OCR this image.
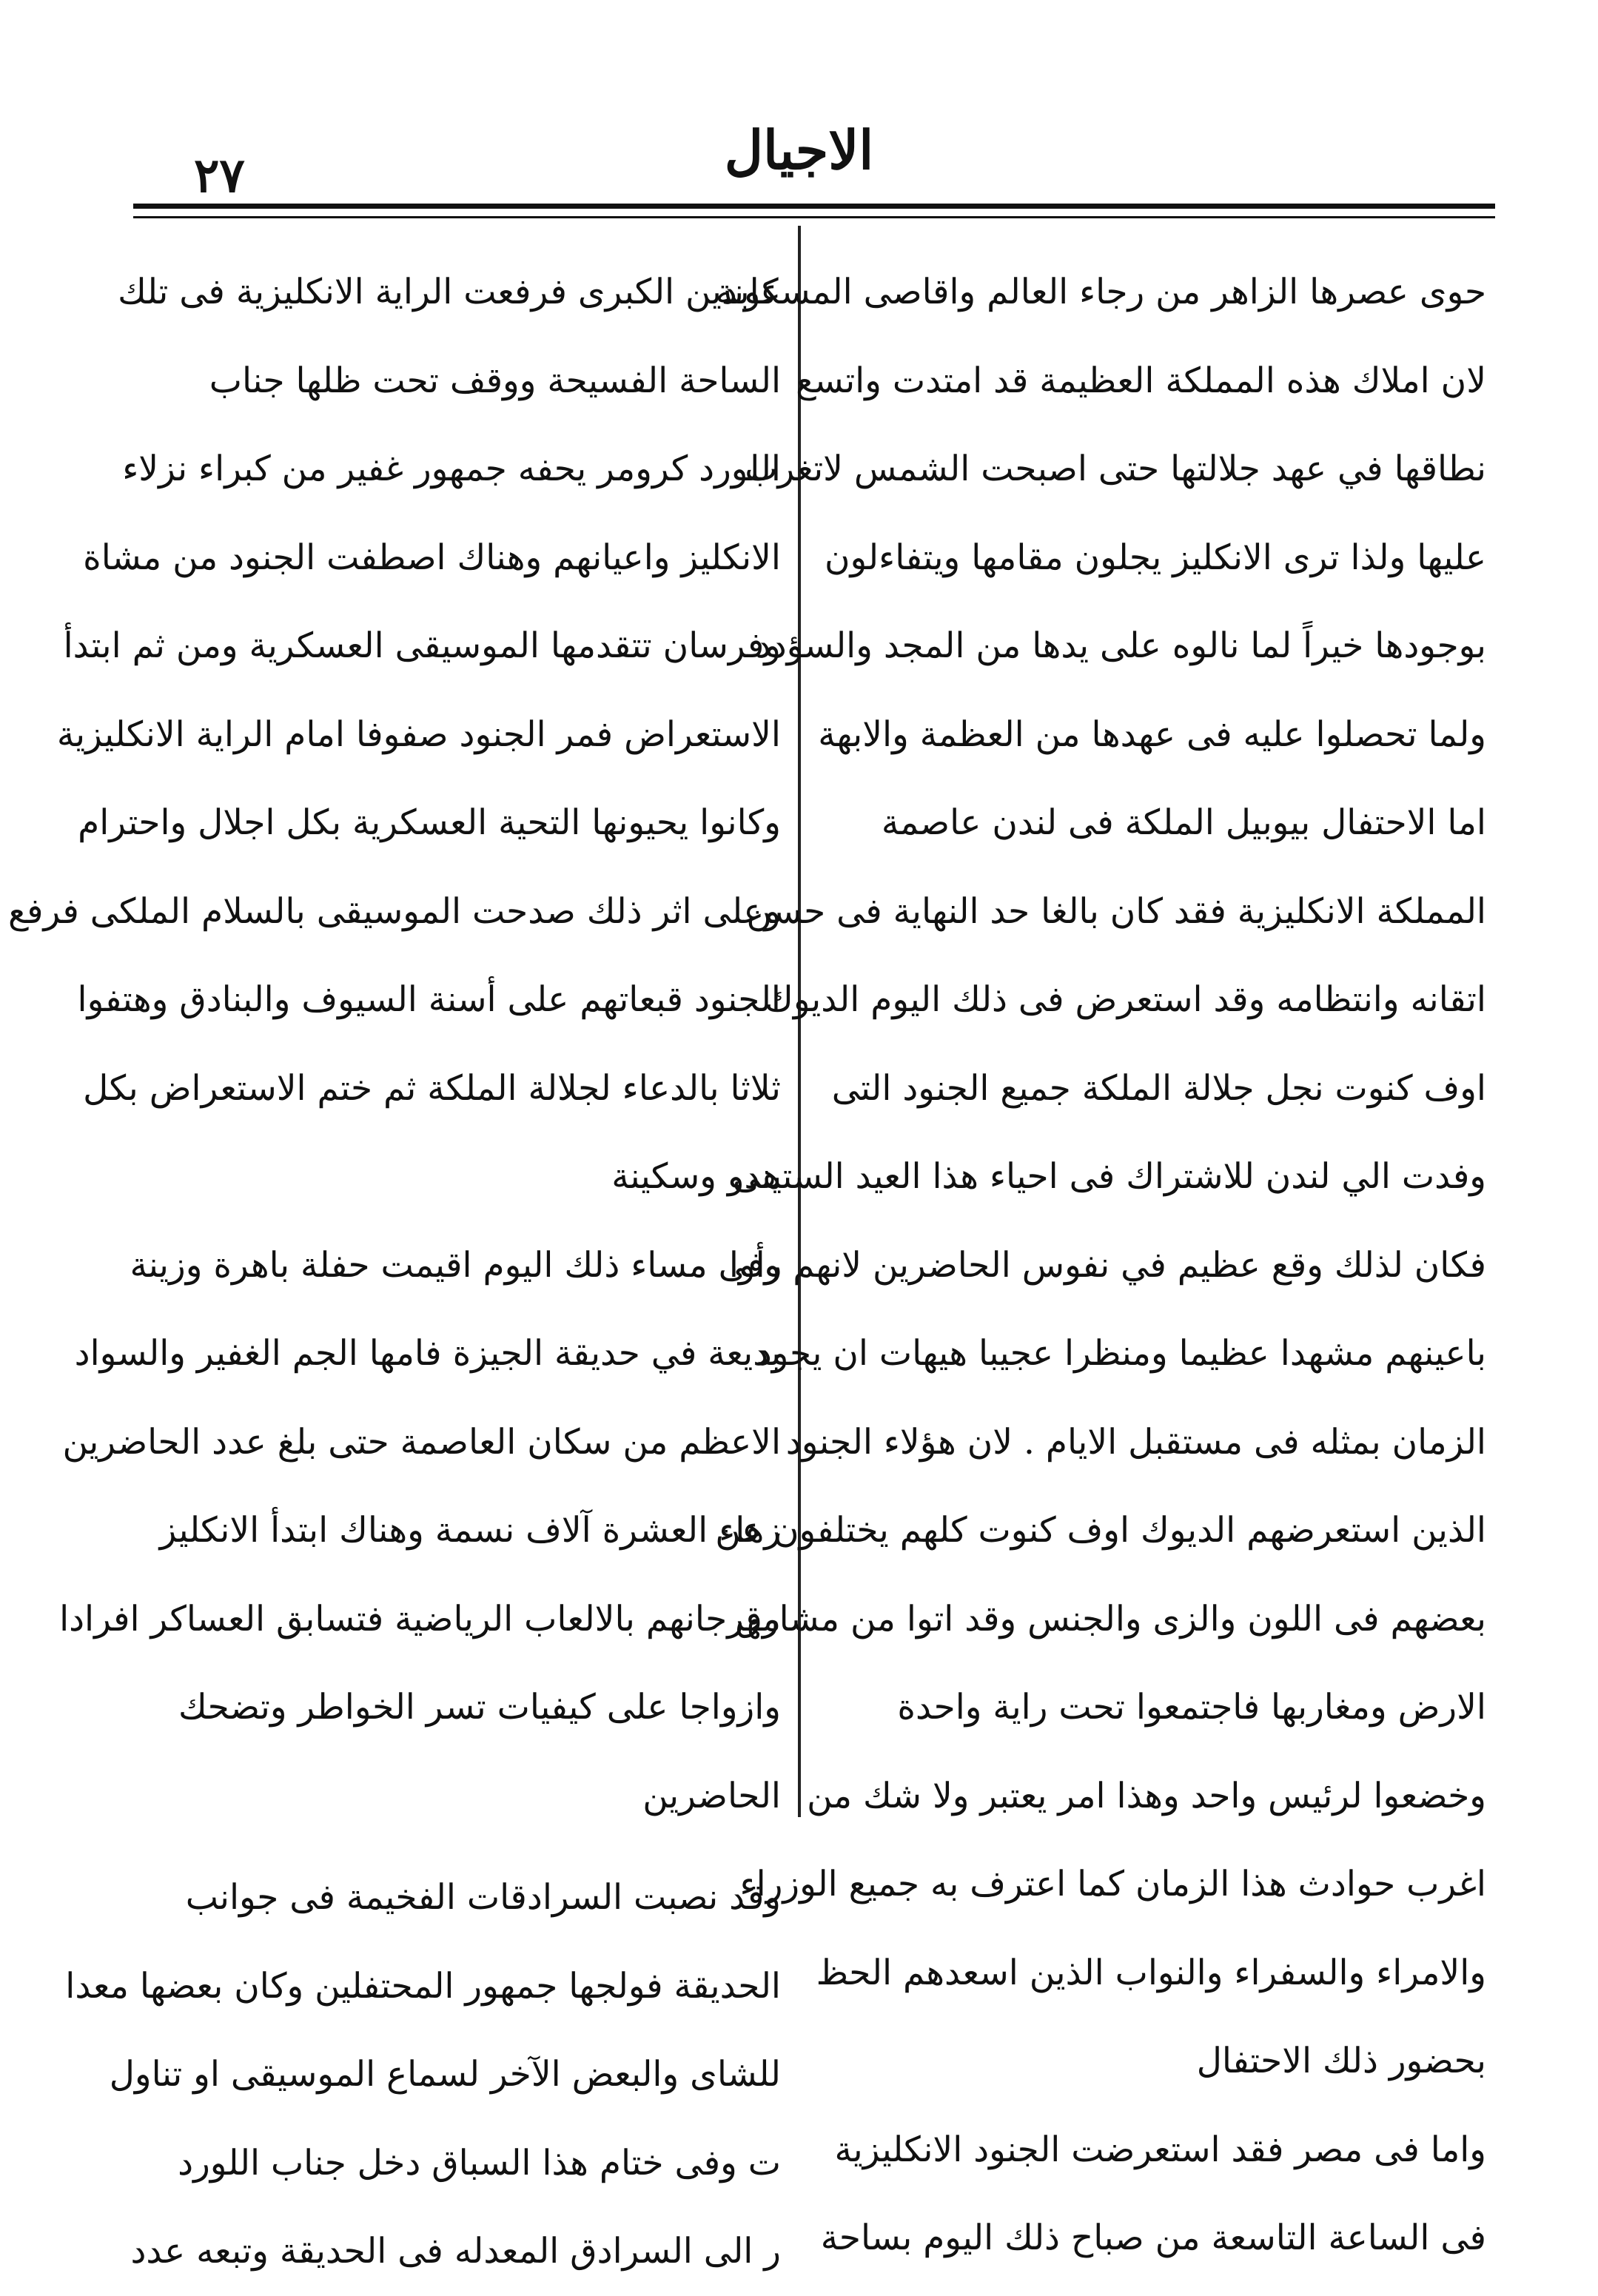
الاجيال
٢٧
حوى عصرها الزاهر من رجاء العالم واقاصى المسكونة
لان املاك هذه المملكة العظيمة قد امتدت واتسع
نطاقها في عهد جلالتها حتى اصبحت الشمس لاتغرب
عليها ولذا ترى الانكليز يجلون مقامها ويتفاءلون
بوجودها خيراً لما نالوه على يدها من المجد والسؤدد
ولما تحصلوا عليه فى عهدها من العظمة والابهة
اما الاحتفال بيوبيل الملكة فى لندن عاصمة
المملكة الانكليزية فقد كان بالغا حد النهاية فى حسن
اتقانه وانتظامه وقد استعرض فى ذلك اليوم الديوك
اوف كنوت نجل جلالة الملكة جميع الجنود التى
وفدت الي لندن للاشتراك فى احياء هذا العيد الستينى
فكان لذلك وقع عظيم في نفوس الحاضرين لانهم رأوا
باعينهم مشهدا عظيما ومنظرا عجيبا هيهات ان يجود
الزمان بمثله فى مستقبل الايام . لان هؤلاء الجنود
الذين استعرضهم الديوك اوف كنوت كلهم يختلفون عن
بعضهم فى اللون والزى والجنس وقد اتوا من مشارق
الارض ومغاربها فاجتمعوا تحت راية واحدة
وخضعوا لرئيس واحد وهذا امر يعتبر ولا شك من
اغرب حوادث هذا الزمان كما اعترف به جميع الوزراء
والامراء والسفراء والنواب الذين اسعدهم الحظ
بحضور ذلك الاحتفال
واما فى مصر فقد استعرضت الجنود الانكليزية
فى الساعة التاسعة من صباح ذلك اليوم بساحة
عابدين الكبرى فرفعت الراية الانكليزية فى تلك
الساحة الفسيحة ووقف تحت ظلها جناب
اللورد كرومر يحفه جمهور غفير من كبراء نزلاء
الانكليز واعيانهم وهناك اصطفت الجنود من مشاة
وفرسان تتقدمها الموسيقى العسكرية ومن ثم ابتدأ
الاستعراض فمر الجنود صفوفا امام الراية الانكليزية
وكانوا يحيونها التحية العسكرية بكل اجلال واحترام
وعلى اثر ذلك صدحت الموسيقى بالسلام الملكى فرفع
الجنود قبعاتهم على أسنة السيوف والبنادق وهتفوا
ثلاثا بالدعاء لجلالة الملكة ثم ختم الاستعراض بكل
هدو وسكينة
وفى مساء ذلك اليوم اقيمت حفلة باهرة وزينة
بديعة في حديقة الجيزة فامها الجم الغفير والسواد
الاعظم من سكان العاصمة حتى بلغ عدد الحاضرين
زهاء العشرة آلاف نسمة وهناك ابتدأ الانكليز
مهرجانهم بالالعاب الرياضية فتسابق العساكر افرادا
وازواجا على كيفيات تسر الخواطر وتضحك
الحاضرين
وقد نصبت السرادقات الفخيمة فى جوانب
الحديقة فولجها جمهور المحتفلين وكان بعضها معدا
للشاى والبعض الآخر لسماع الموسيقى او تناول
ت وفى ختام هذا السباق دخل جناب اللورد
ر الى السرادق المعدله فى الحديقة وتبعه عدد
